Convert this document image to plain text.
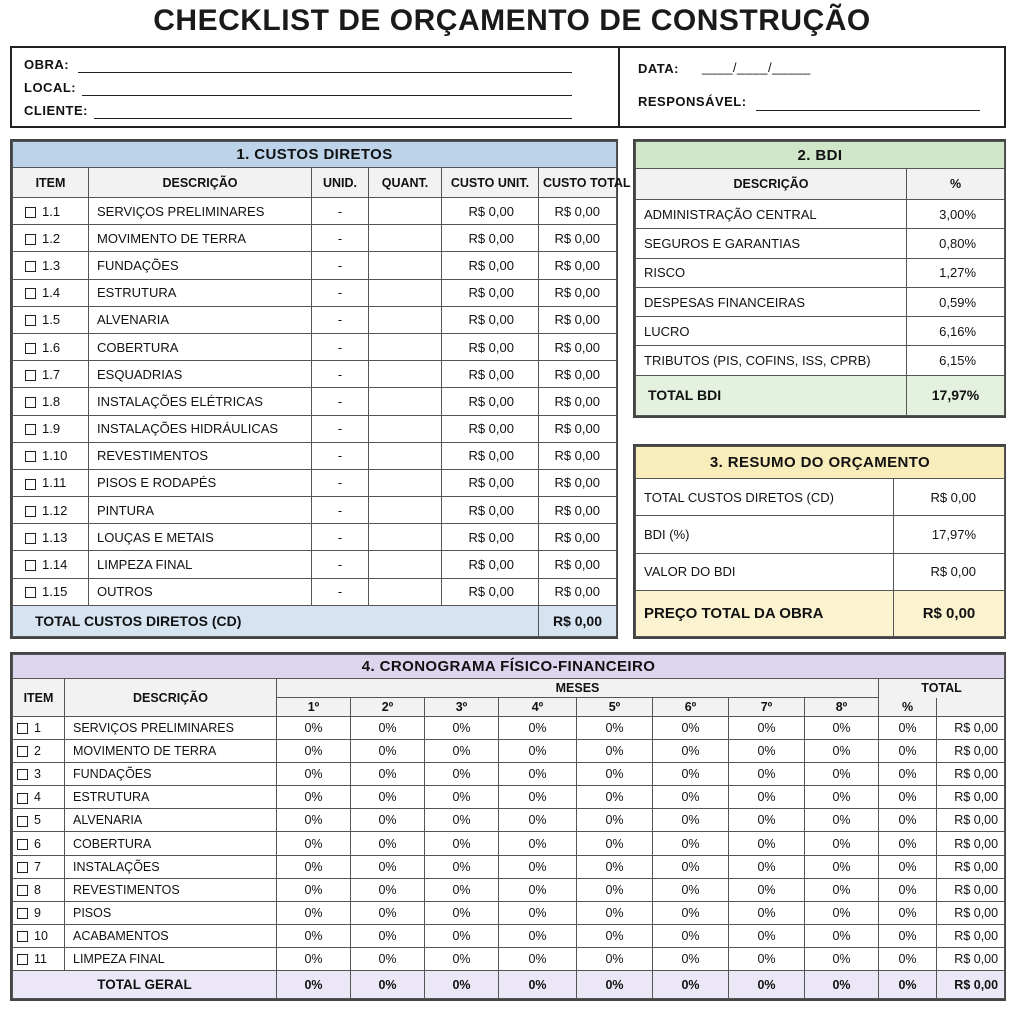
CHECKLIST DE ORÇAMENTO DE CONSTRUÇÃO
OBRA:
LOCAL:
CLIENTE:
DATA: ____/____/_____
RESPONSÁVEL:
1. CUSTOS DIRETOS					
ITEM	DESCRIÇÃO	UNID.	QUANT.	CUSTO UNIT.	CUSTO TOTAL
1.1	SERVIÇOS PRELIMINARES	-		R$ 0,00	R$ 0,00
1.2	MOVIMENTO DE TERRA	-		R$ 0,00	R$ 0,00
1.3	FUNDAÇÕES	-		R$ 0,00	R$ 0,00
1.4	ESTRUTURA	-		R$ 0,00	R$ 0,00
1.5	ALVENARIA	-		R$ 0,00	R$ 0,00
1.6	COBERTURA	-		R$ 0,00	R$ 0,00
1.7	ESQUADRIAS	-		R$ 0,00	R$ 0,00
1.8	INSTALAÇÕES ELÉTRICAS	-		R$ 0,00	R$ 0,00
1.9	INSTALAÇÕES HIDRÁULICAS	-		R$ 0,00	R$ 0,00
1.10	REVESTIMENTOS	-		R$ 0,00	R$ 0,00
1.11	PISOS E RODAPÉS	-		R$ 0,00	R$ 0,00
1.12	PINTURA	-		R$ 0,00	R$ 0,00
1.13	LOUÇAS E METAIS	-		R$ 0,00	R$ 0,00
1.14	LIMPEZA FINAL	-		R$ 0,00	R$ 0,00
1.15	OUTROS	-		R$ 0,00	R$ 0,00
TOTAL CUSTOS DIRETOS (CD)					R$ 0,00
2. BDI	
DESCRIÇÃO	%
ADMINISTRAÇÃO CENTRAL	3,00%
SEGUROS E GARANTIAS	0,80%
RISCO	1,27%
DESPESAS FINANCEIRAS	0,59%
LUCRO	6,16%
TRIBUTOS (PIS, COFINS, ISS, CPRB)	6,15%
TOTAL BDI	17,97%
3. RESUMO DO ORÇAMENTO	
TOTAL CUSTOS DIRETOS (CD)	R$ 0,00
BDI (%)	17,97%
VALOR DO BDI	R$ 0,00
PREÇO TOTAL DA OBRA	R$ 0,00
4. CRONOGRAMA FÍSICO-FINANCEIRO											
ITEM	DESCRIÇÃO	MESES								TOTAL	
		1º	2º	3º	4º	5º	6º	7º	8º	%	
1	SERVIÇOS PRELIMINARES	0%	0%	0%	0%	0%	0%	0%	0%	0%	R$ 0,00
2	MOVIMENTO DE TERRA	0%	0%	0%	0%	0%	0%	0%	0%	0%	R$ 0,00
3	FUNDAÇÕES	0%	0%	0%	0%	0%	0%	0%	0%	0%	R$ 0,00
4	ESTRUTURA	0%	0%	0%	0%	0%	0%	0%	0%	0%	R$ 0,00
5	ALVENARIA	0%	0%	0%	0%	0%	0%	0%	0%	0%	R$ 0,00
6	COBERTURA	0%	0%	0%	0%	0%	0%	0%	0%	0%	R$ 0,00
7	INSTALAÇÕES	0%	0%	0%	0%	0%	0%	0%	0%	0%	R$ 0,00
8	REVESTIMENTOS	0%	0%	0%	0%	0%	0%	0%	0%	0%	R$ 0,00
9	PISOS	0%	0%	0%	0%	0%	0%	0%	0%	0%	R$ 0,00
10	ACABAMENTOS	0%	0%	0%	0%	0%	0%	0%	0%	0%	R$ 0,00
11	LIMPEZA FINAL	0%	0%	0%	0%	0%	0%	0%	0%	0%	R$ 0,00
TOTAL GERAL		0%	0%	0%	0%	0%	0%	0%	0%	0%	R$ 0,00
